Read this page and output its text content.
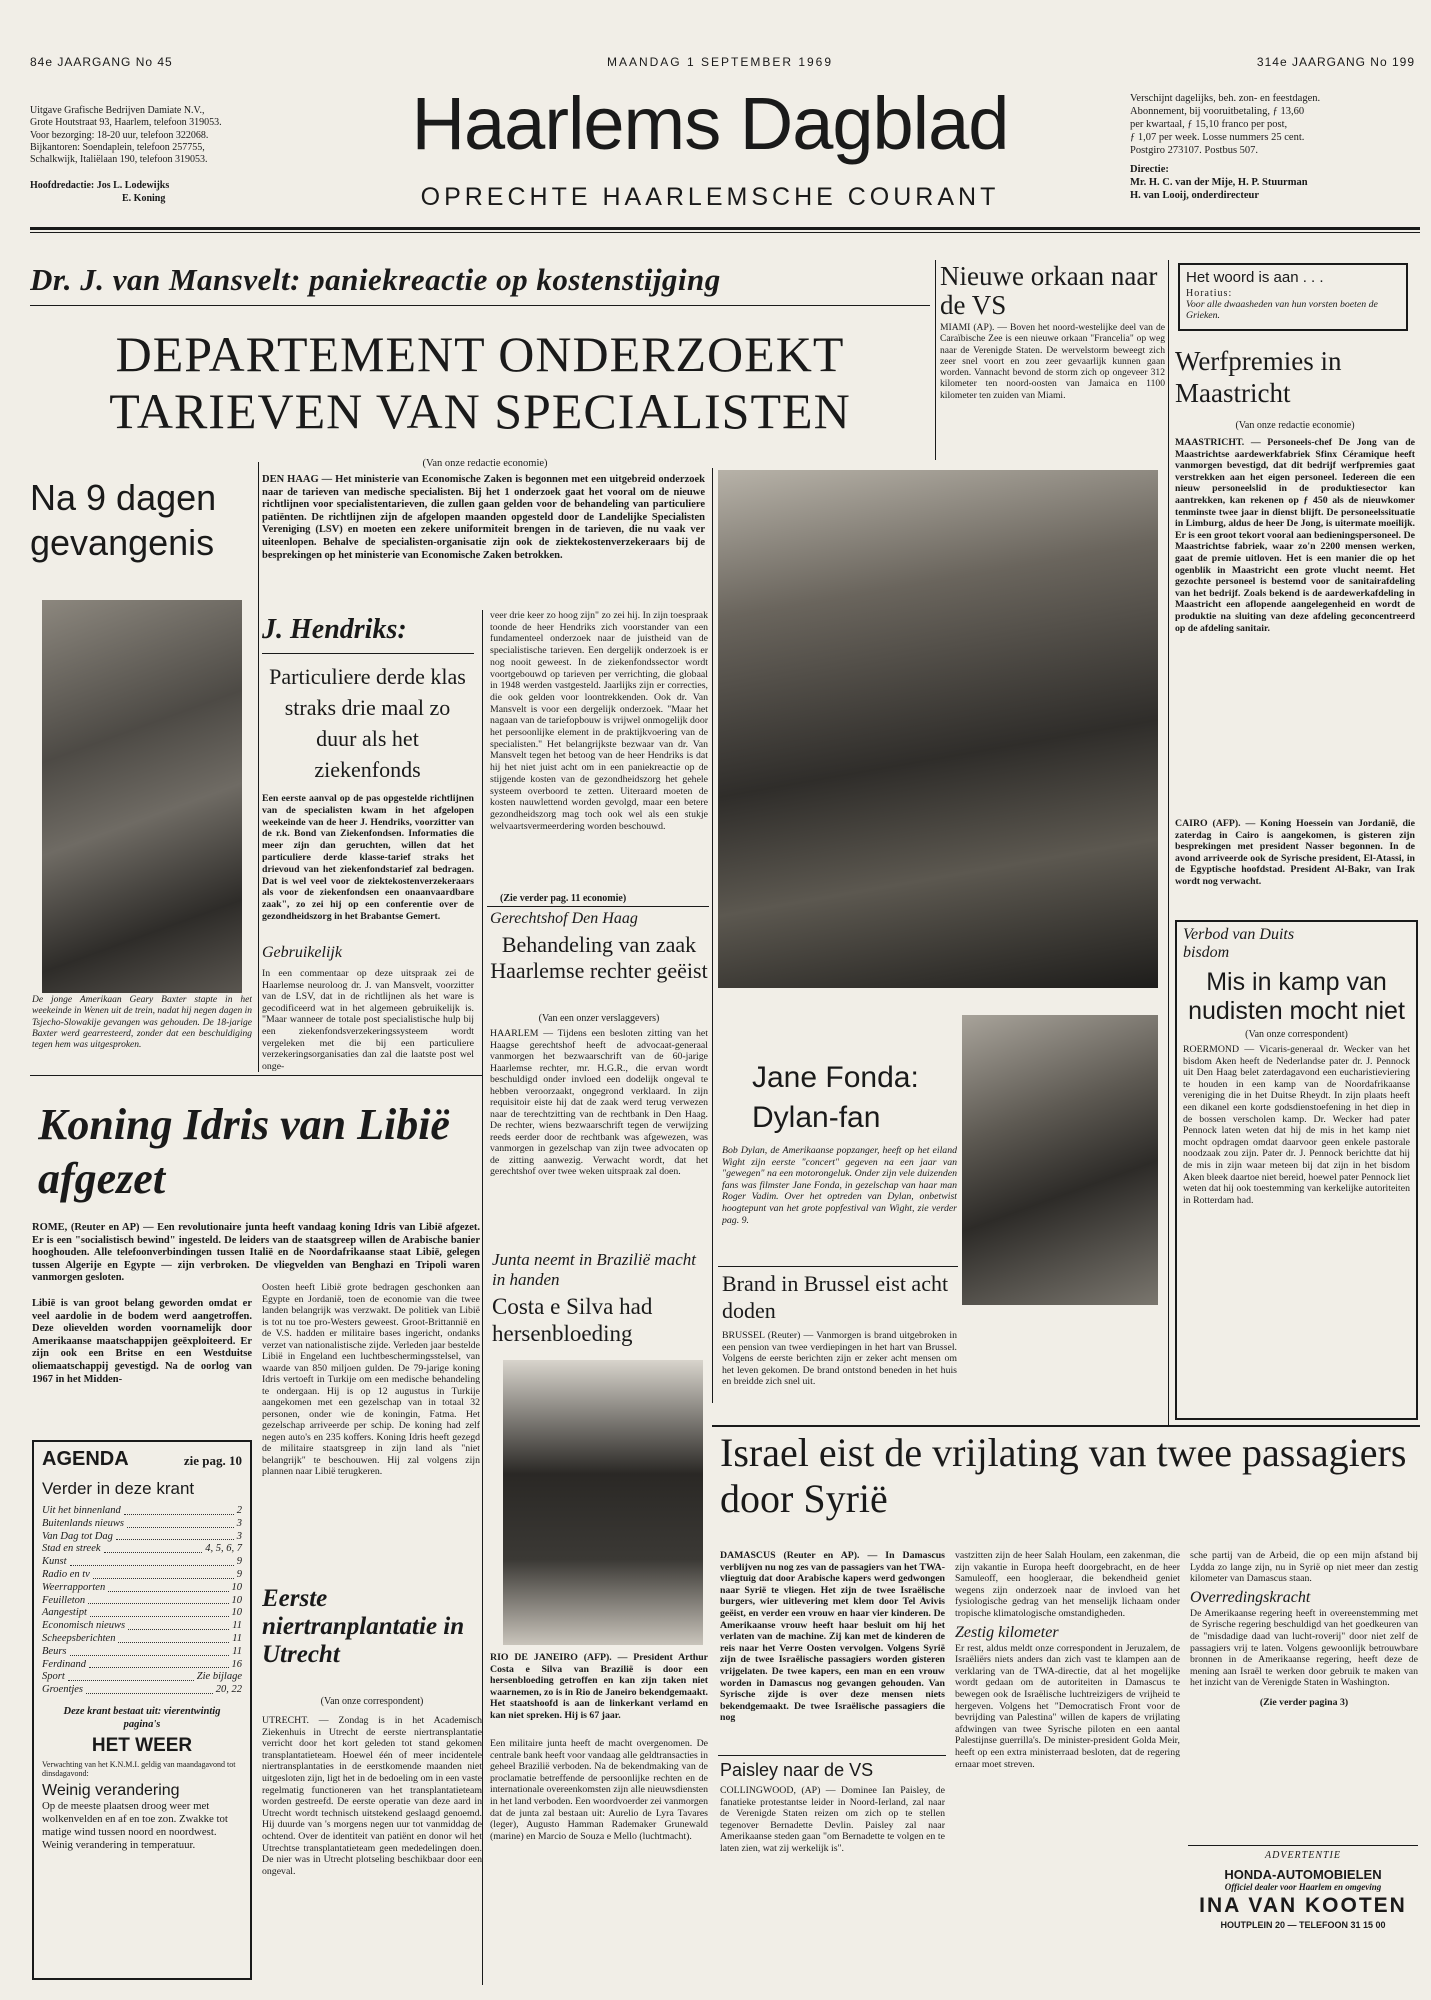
84e JAARGANG No 45	MAANDAG 1 SEPTEMBER 1969	314e JAARGANG No 199
Uitgave Grafische Bedrijven Damiate N.V.,
Grote Houtstraat 93, Haarlem, telefoon 319053.
Voor bezorging: 18-20 uur, telefoon 322068.
Bijkantoren: Soendaplein, telefoon 257755,
Schalkwijk, Italiëlaan 190, telefoon 319053.
Hoofdredactie: Jos L. Lodewijks
E. Koning
Haarlems Dagblad
OPRECHTE HAARLEMSCHE COURANT
Verschijnt dagelijks, beh. zon- en feestdagen.
Abonnement, bij vooruitbetaling, ƒ 13,60
per kwartaal, ƒ 15,10 franco per post,
ƒ 1,07 per week. Losse nummers 25 cent.
Postgiro 273107. Postbus 507.
Directie:
Mr. H. C. van der Mije, H. P. Stuurman
H. van Looij, onderdirecteur
Dr. J. van Mansvelt: paniekreactie op kostenstijging
DEPARTEMENT ONDERZOEKT
TARIEVEN VAN SPECIALISTEN
Na 9 dagen gevangenis
De jonge Amerikaan Geary Baxter stapte in het weekeinde in Wenen uit de trein, nadat hij negen dagen in Tsjecho-Slowakije gevangen was gehouden. De 18-jarige Baxter werd gearresteerd, zonder dat een beschuldiging tegen hem was uitgesproken.
(Van onze redactie economie)
DEN HAAG — Het ministerie van Economische Zaken is begonnen met een uitgebreid onderzoek naar de tarieven van medische specialisten. Bij het 1 onderzoek gaat het vooral om de nieuwe richtlijnen voor specialistentarieven, die zullen gaan gelden voor de behandeling van particuliere patiënten. De richtlijnen zijn de afgelopen maanden opgesteld door de Landelijke Specialisten Vereniging (LSV) en moeten een zekere uniformiteit brengen in de tarieven, die nu vaak ver uiteenlopen. Behalve de specialisten-organisatie zijn ook de ziektekostenverzekeraars bij de besprekingen op het ministerie van Economische Zaken betrokken.
J. Hendriks:
Particuliere derde klas straks drie maal zo duur als het ziekenfonds
Een eerste aanval op de pas opgestelde richtlijnen van de specialisten kwam in het afgelopen weekeinde van de heer J. Hendriks, voorzitter van de r.k. Bond van Ziekenfondsen. Informaties die meer zijn dan geruchten, willen dat het particuliere derde klasse-tarief straks het drievoud van het ziekenfondstarief zal bedragen. Dat is wel veel voor de ziektekostenverzekeraars als voor de ziekenfondsen een onaanvaardbare zaak", zo zei hij op een conferentie over de gezondheidszorg in het Brabantse Gemert.
Gebruikelijk
In een commentaar op deze uitspraak zei de Haarlemse neuroloog dr. J. van Mansvelt, voorzitter van de LSV, dat in de richtlijnen als het ware is gecodificeerd wat in het algemeen gebruikelijk is. "Maar wanneer de totale post specialistische hulp bij een ziekenfondsverzekeringssysteem wordt vergeleken met die bij een particuliere verzekeringsorganisaties dan zal die laatste post wel onge-
veer drie keer zo hoog zijn" zo zei hij. In zijn toespraak toonde de heer Hendriks zich voorstander van een fundamenteel onderzoek naar de juistheid van de specialistische tarieven. Een dergelijk onderzoek is er nog nooit geweest. In de ziekenfondssector wordt voortgebouwd op tarieven per verrichting, die globaal in 1948 werden vastgesteld. Jaarlijks zijn er correcties, die ook gelden voor loontrekkenden. Ook dr. Van Mansvelt is voor een dergelijk onderzoek. "Maar het nagaan van de tariefopbouw is vrijwel onmogelijk door het persoonlijke element in de praktijkvoering van de specialisten." Het belangrijkste bezwaar van dr. Van Mansvelt tegen het betoog van de heer Hendriks is dat hij het niet juist acht om in een paniekreactie op de stijgende kosten van de gezondheidszorg het gehele systeem overboord te zetten. Uiteraard moeten de kosten nauwlettend worden gevolgd, maar een betere gezondheidszorg mag toch ook wel als een stukje welvaartsvermeerdering worden beschouwd.
(Zie verder pag. 11 economie)
Gerechtshof Den Haag
Behandeling van zaak Haarlemse rechter geëist
(Van een onzer verslaggevers)
HAARLEM — Tijdens een besloten zitting van het Haagse gerechtshof heeft de advocaat-generaal vanmorgen het bezwaarschrift van de 60-jarige Haarlemse rechter, mr. H.G.R., die ervan wordt beschuldigd onder invloed een dodelijk ongeval te hebben veroorzaakt, ongegrond verklaard. In zijn requisitoir eiste hij dat de zaak werd terug verwezen naar de terechtzitting van de rechtbank in Den Haag. De rechter, wiens bezwaarschrift tegen de verwijzing reeds eerder door de rechtbank was afgewezen, was vanmorgen in gezelschap van zijn twee advocaten op de zitting aanwezig. Verwacht wordt, dat het gerechtshof over twee weken uitspraak zal doen.
Koning Idris van Libië afgezet
ROME, (Reuter en AP) — Een revolutionaire junta heeft vandaag koning Idris van Libië afgezet. Er is een "socialistisch bewind" ingesteld. De leiders van de staatsgreep willen de Arabische banier hooghouden. Alle telefoonverbindingen tussen Italië en de Noordafrikaanse staat Libië, gelegen tussen Algerije en Egypte — zijn verbroken. De vliegvelden van Benghazi en Tripoli waren vanmorgen gesloten.
Libië is van groot belang geworden omdat er veel aardolie in de bodem werd aangetroffen. Deze olievelden worden voornamelijk door Amerikaanse maatschappijen geëxploiteerd. Er zijn ook een Britse en een Westduitse oliemaatschappij gevestigd. Na de oorlog van 1967 in het Midden-
Oosten heeft Libië grote bedragen geschonken aan Egypte en Jordanië, toen de economie van die twee landen belangrijk was verzwakt. De politiek van Libië is tot nu toe pro-Westers geweest. Groot-Brittannië en de V.S. hadden er militaire bases ingericht, ondanks verzet van nationalistische zijde. Verleden jaar bestelde Libië in Engeland een luchtbeschermingsstelsel, van waarde van 850 miljoen gulden. De 79-jarige koning Idris vertoeft in Turkije om een medische behandeling te ondergaan. Hij is op 12 augustus in Turkije aangekomen met een gezelschap van in totaal 32 personen, onder wie de koningin, Fatma. Het gezelschap arriveerde per schip. De koning had zelf negen auto's en 235 koffers. Koning Idris heeft gezegd de militaire staatsgreep in zijn land als "niet belangrijk" te beschouwen. Hij zal volgens zijn plannen naar Libië terugkeren.
AGENDA	zie pag. 10
Verder in deze krant
Uit het binnenland	2
Buitenlands nieuws	3
Van Dag tot Dag	3
Stad en streek	4, 5, 6, 7
Kunst	9
Radio en tv	9
Weerrapporten	10
Feuilleton	10
Aangestipt	10
Economisch nieuws	11
Scheepsberichten	11
Beurs	11
Ferdinand	16
Sport	Zie bijlage
Groentjes	20, 22
Deze krant bestaat uit: vierentwintig pagina's
HET WEER
Verwachting van het K.N.M.I. geldig van maandagavond tot dinsdagavond:
Weinig verandering
Op de meeste plaatsen droog weer met wolkenvelden en af en toe zon. Zwakke tot matige wind tussen noord en noordwest. Weinig verandering in temperatuur.
Eerste niertranplantatie in Utrecht
(Van onze correspondent)
UTRECHT. — Zondag is in het Academisch Ziekenhuis in Utrecht de eerste niertransplantatie verricht door het kort geleden tot stand gekomen transplantatieteam. Hoewel één of meer incidentele niertransplantaties in de eerstkomende maanden niet uitgesloten zijn, ligt het in de bedoeling om in een vaste regelmatig functioneren van het transplantatieteam worden gestreefd. De eerste operatie van deze aard in Utrecht wordt technisch uitstekend geslaagd genoemd. Hij duurde van 's morgens negen uur tot vanmiddag de ochtend. Over de identiteit van patiënt en donor wil het Utrechtse transplantatieteam geen mededelingen doen. De nier was in Utrecht plotseling beschikbaar door een ongeval.
Junta neemt in Brazilië macht in handen
Costa e Silva had hersenbloeding
RIO DE JANEIRO (AFP). — President Arthur Costa e Silva van Brazilië is door een hersenbloeding getroffen en kan zijn taken niet waarnemen, zo is in Rio de Janeiro bekendgemaakt. Het staatshoofd is aan de linkerkant verlamd en kan niet spreken. Hij is 67 jaar.
Een militaire junta heeft de macht overgenomen. De centrale bank heeft voor vandaag alle geldtransacties in geheel Brazilië verboden. Na de bekendmaking van de proclamatie betreffende de persoonlijke rechten en de internationale overeenkomsten zijn alle nieuwsdiensten in het land verboden. Een woordvoerder zei vanmorgen dat de junta zal bestaan uit: Aurelio de Lyra Tavares (leger), Augusto Hamman Rademaker Grunewald (marine) en Marcio de Souza e Mello (luchtmacht).
Jane Fonda: Dylan-fan
Bob Dylan, de Amerikaanse popzanger, heeft op het eiland Wight zijn eerste "concert" gegeven na een jaar van "gewegen" na een motorongeluk. Onder zijn vele duizenden fans was filmster Jane Fonda, in gezelschap van haar man Roger Vadim. Over het optreden van Dylan, onbetwist hoogtepunt van het grote popfestival van Wight, zie verder pag. 9.
Brand in Brussel eist acht doden
BRUSSEL (Reuter) — Vanmorgen is brand uitgebroken in een pension van twee verdiepingen in het hart van Brussel. Volgens de eerste berichten zijn er zeker acht mensen om het leven gekomen. De brand ontstond beneden in het huis en breidde zich snel uit.
Nieuwe orkaan naar de VS
MIAMI (AP). — Boven het noord-westelijke deel van de Caraïbische Zee is een nieuwe orkaan "Francelia" op weg naar de Verenigde Staten. De wervelstorm beweegt zich zeer snel voort en zou zeer gevaarlijk kunnen gaan worden. Vannacht bevond de storm zich op ongeveer 312 kilometer ten noord-oosten van Jamaica en 1100 kilometer ten zuiden van Miami.
Het woord is aan . . .
Horatius:
Voor alle dwaasheden van hun vorsten boeten de Grieken.
Werfpremies in Maastricht
(Van onze redactie economie)
MAASTRICHT. — Personeels-chef De Jong van de Maastrichtse aardewerkfabriek Sfinx Céramique heeft vanmorgen bevestigd, dat dit bedrijf werfpremies gaat verstrekken aan het eigen personeel. Iedereen die een nieuw personeelslid in de produktiesector kan aantrekken, kan rekenen op ƒ 450 als de nieuwkomer tenminste twee jaar in dienst blijft. De personeelssituatie in Limburg, aldus de heer De Jong, is uitermate moeilijk. Er is een groot tekort vooral aan bedieningspersoneel. De Maastrichtse fabriek, waar zo'n 2200 mensen werken, gaat de premie uitloven. Het is een manier die op het ogenblik in Maastricht een grote vlucht neemt. Het gezochte personeel is bestemd voor de sanitairafdeling van het bedrijf. Zoals bekend is de aardewerkafdeling in Maastricht een aflopende aangelegenheid en wordt de produktie na sluiting van deze afdeling geconcentreerd op de afdeling sanitair.
CAIRO (AFP). — Koning Hoessein van Jordanië, die zaterdag in Cairo is aangekomen, is gisteren zijn besprekingen met president Nasser begonnen. In de avond arriveerde ook de Syrische president, El-Atassi, in de Egyptische hoofdstad. President Al-Bakr, van Irak wordt nog verwacht.
Verbod van Duits bisdom
Mis in kamp van nudisten mocht niet
(Van onze correspondent)
ROERMOND — Vicaris-generaal dr. Wecker van het bisdom Aken heeft de Nederlandse pater dr. J. Pennock uit Den Haag belet zaterdagavond een eucharistieviering te houden in een kamp van de Noordafrikaanse vereniging die in het Duitse Rheydt. In zijn plaats heeft een dikanel een korte godsdienstoefening in het diep in de bossen verscholen kamp. Dr. Wecker had pater Pennock laten weten dat hij de mis in het kamp niet mocht opdragen omdat daarvoor geen enkele pastorale noodzaak zou zijn. Pater dr. J. Pennock berichtte dat hij de mis in zijn waar meteen bij dat zijn in het bisdom Aken bleek daartoe niet bereid, hoewel pater Pennock liet weten dat hij ook toestemming van kerkelijke autoriteiten in Rotterdam had.
Israel eist de vrijlating van twee passagiers door Syrië
DAMASCUS (Reuter en AP). — In Damascus verblijven nu nog zes van de passagiers van het TWA-vliegtuig dat door Arabische kapers werd gedwongen naar Syrië te vliegen. Het zijn de twee Israëlische burgers, wier uitlevering met klem door Tel Avivis geëist, en verder een vrouw en haar vier kinderen. De Amerikaanse vrouw heeft haar besluit om hij het verlaten van de machine. Zij kan met de kinderen de reis naar het Verre Oosten vervolgen. Volgens Syrië zijn de twee Israëlische passagiers worden gisteren vrijgelaten. De twee kapers, een man en een vrouw worden in Damascus nog gevangen gehouden. Van Syrische zijde is over deze mensen niets bekendgemaakt. De twee Israëlische passagiers die nog
Paisley naar de VS
COLLINGWOOD, (AP) — Dominee Ian Paisley, de fanatieke protestantse leider in Noord-Ierland, zal naar de Verenigde Staten reizen om zich op te stellen tegenover Bernadette Devlin. Paisley zal naar Amerikaanse steden gaan "om Bernadette te volgen en te laten zien, wat zij werkelijk is".
vastzitten zijn de heer Salah Houlam, een zakenman, die zijn vakantie in Europa heeft doorgebracht, en de heer Samuleoff, een hoogleraar, die bekendheid geniet wegens zijn onderzoek naar de invloed van het fysiologische gedrag van het menselijk lichaam onder tropische klimatologische omstandigheden.
Zestig kilometer
Er rest, aldus meldt onze correspondent in Jeruzalem, de Israëliërs niets anders dan zich vast te klampen aan de verklaring van de TWA-directie, dat al het mogelijke wordt gedaan om de autoriteiten in Damascus te bewegen ook de Israëlische luchtreizigers de vrijheid te hergeven. Volgens het "Democratisch Front voor de bevrijding van Palestina" willen de kapers de vrijlating afdwingen van twee Syrische piloten en een aantal Palestijnse guerrilla's. De minister-president Golda Meir, heeft op een extra ministerraad besloten, dat de regering ernaar moet streven.
sche partij van de Arbeid, die op een mijn afstand bij Lydda zo lange zijn, nu in Syrië op niet meer dan zestig kilometer van Damascus staan.
Overredingskracht
De Amerikaanse regering heeft in overeenstemming met de Syrische regering beschuldigd van het goedkeuren van de "misdadige daad van lucht-roverij" door niet zelf de passagiers vrij te laten. Volgens gewoonlijk betrouwbare bronnen in de Amerikaanse regering, heeft deze de mening aan Israël te werken door gebruik te maken van het inzicht van de Verenigde Staten in Washington.
(Zie verder pagina 3)
ADVERTENTIE
HONDA-AUTOMOBIELEN
Officiel dealer voor Haarlem en omgeving
INA VAN KOOTEN
HOUTPLEIN 20 — TELEFOON 31 15 00
